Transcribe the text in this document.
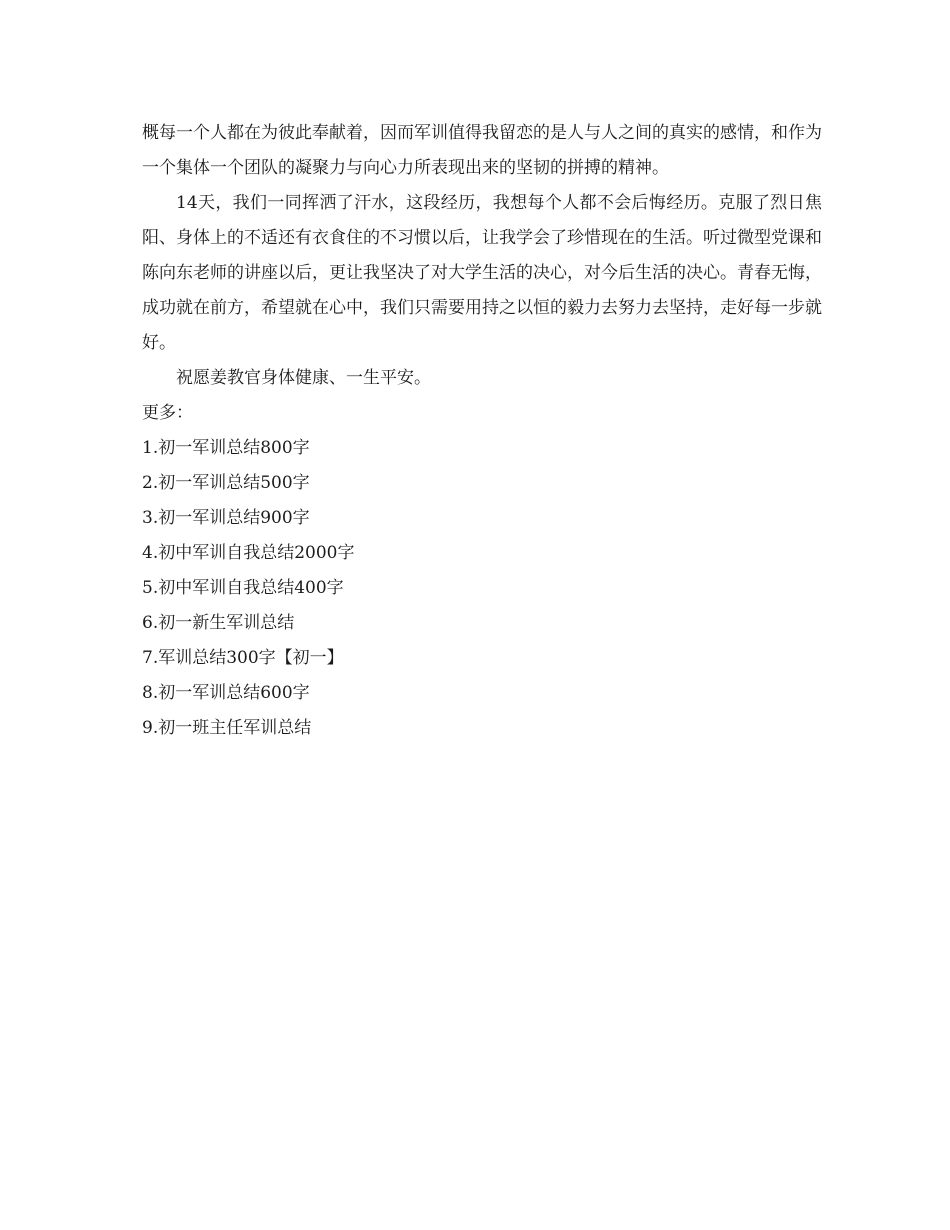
概每一个人都在为彼此奉献着，因而军训值得我留恋的是人与人之间的真实的感情，和作为一个集体一个团队的凝聚力与向心力所表现出来的坚韧的拼搏的精神。

14天，我们一同挥洒了汗水，这段经历，我想每个人都不会后悔经历。克服了烈日焦阳、身体上的不适还有衣食住的不习惯以后，让我学会了珍惜现在的生活。听过微型党课和陈向东老师的讲座以后，更让我坚决了对大学生活的决心，对今后生活的决心。青春无悔，成功就在前方，希望就在心中，我们只需要用持之以恒的毅力去努力去坚持，走好每一步就好。

祝愿姜教官身体健康、一生平安。

更多：

1.初一军训总结800字
2.初一军训总结500字
3.初一军训总结900字
4.初中军训自我总结2000字
5.初中军训自我总结400字
6.初一新生军训总结
7.军训总结300字【初一】
8.初一军训总结600字
9.初一班主任军训总结
